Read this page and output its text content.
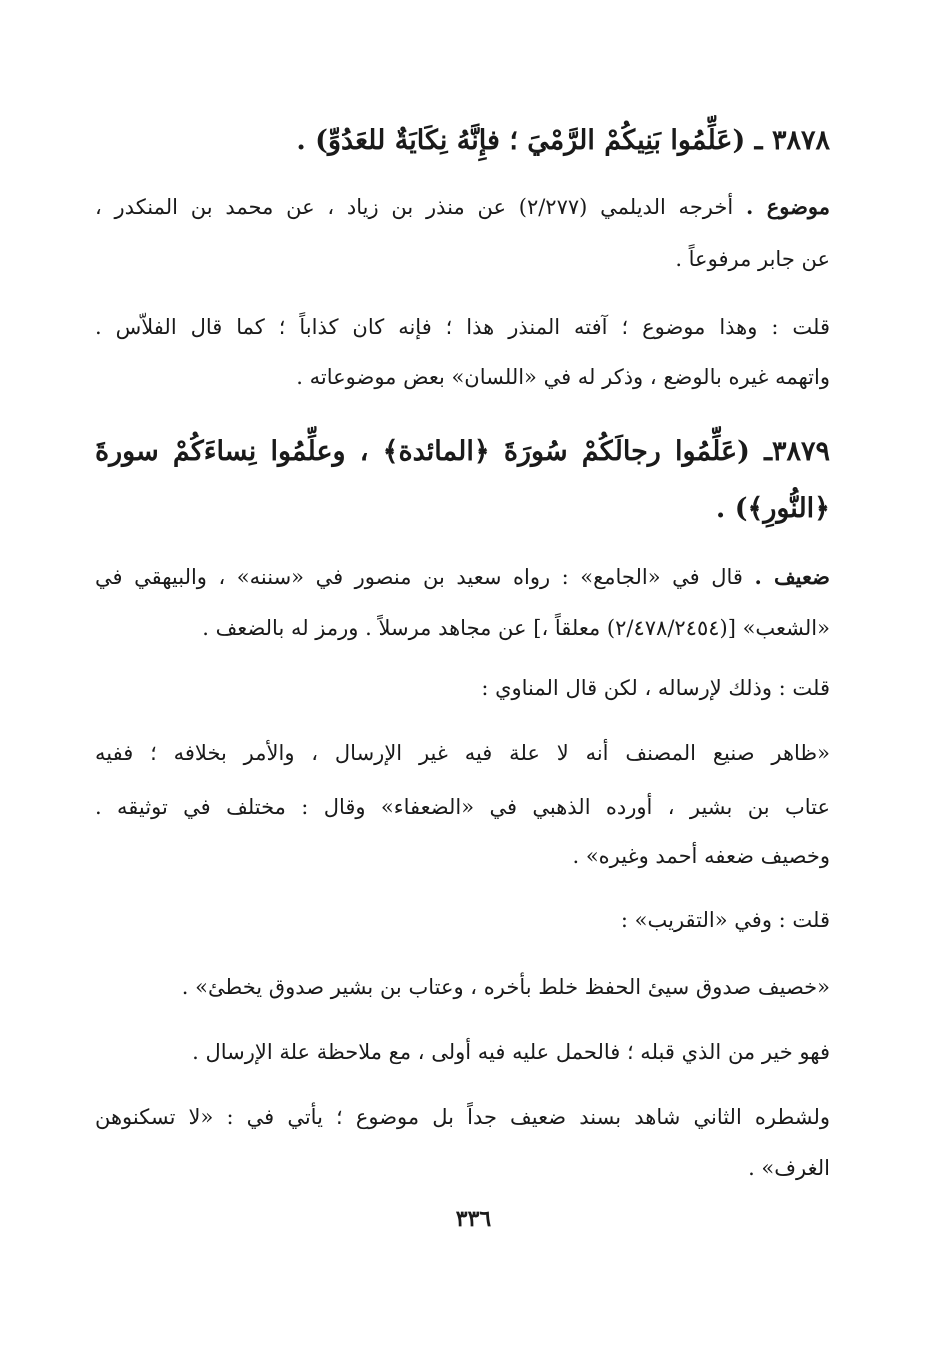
٣٨٧٨ ـ (عَلِّمُوا بَنِيكُمْ الرَّمْيَ ؛ فإِنَّهُ نِكَايَةٌ للعَدُوِّ) .
موضوع . أخرجه الديلمي (٢/٢٧٧) عن منذر بن زياد ، عن محمد بن المنكدر ،
عن جابر مرفوعاً .
قلت : وهذا موضوع ؛ آفته المنذر هذا ؛ فإنه كان كذاباً ؛ كما قال الفلاّس .
واتهمه غيره بالوضع ، وذكر له في «اللسان» بعض موضوعاته .
٣٨٧٩ـ (عَلِّمُوا رجالَكُمْ سُورَةَ ﴿المائدة﴾ ، وعلِّمُوا نِساءَكُمْ سورةَ
﴿النُّورِ﴾) .
ضعيف . قال في «الجامع» : رواه سعيد بن منصور في «سننه» ، والبيهقي في
«الشعب» [(٢/٤٧٨/٢٤٥٤) معلقاً ،] عن مجاهد مرسلاً . ورمز له بالضعف .
قلت : وذلك لإرساله ، لكن قال المناوي :
«ظاهر صنيع المصنف أنه لا علة فيه غير الإرسال ، والأمر بخلافه ؛ ففيه
عتاب بن بشير ، أورده الذهبي في «الضعفاء» وقال : مختلف في توثيقه .
وخصيف ضعفه أحمد وغيره» .
قلت : وفي «التقريب» :
«خصيف صدوق سيئ الحفظ خلط بأخره ، وعتاب بن بشير صدوق يخطئ» .
فهو خير من الذي قبله ؛ فالحمل عليه فيه أولى ، مع ملاحظة علة الإرسال .
ولشطره الثاني شاهد بسند ضعيف جداً بل موضوع ؛ يأتي في : «لا تسكنوهن
الغرف» .
٣٣٦
